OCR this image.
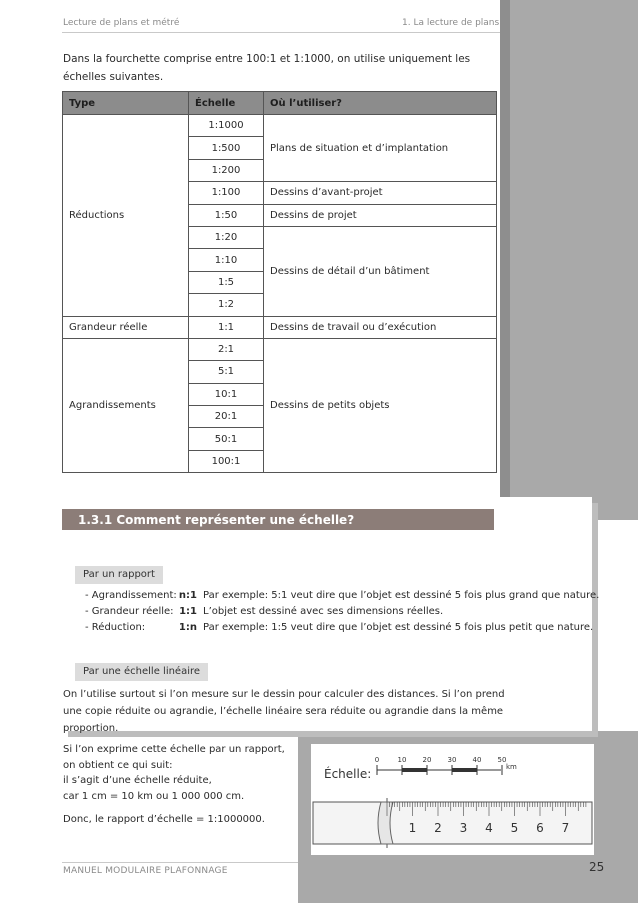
Lecture de plans et métré	1. La lecture de plans
Dans la fourchette comprise entre 100:1 et 1:1000, on utilise uniquement les échelles suivantes.
Type	Échelle	Où l’utiliser?
Réductions	1:1000	Plans de situation et d’implantation
	1:500	
	1:200	
	1:100	Dessins d’avant-projet
	1:50	Dessins de projet
	1:20	Dessins de détail d’un bâtiment
	1:10	
	1:5	
	1:2	
Grandeur réelle	1:1	Dessins de travail ou d’exécution
Agrandissements	2:1	Dessins de petits objets
	5:1	
	10:1	
	20:1	
	50:1	
	100:1	
1.3.1 Comment représenter une échelle?
Par un rapport
- Agrandissement: n:1 Par exemple: 5:1 veut dire que l’objet est dessiné 5 fois plus grand que nature.
- Grandeur réelle: 1:1 L’objet est dessiné avec ses dimensions réelles.
- Réduction:	1:n Par exemple: 1:5 veut dire que l’objet est dessiné 5 fois plus petit que nature.
Par une échelle linéaire
On l’utilise surtout si l’on mesure sur le dessin pour calculer des distances. Si l’on prend une copie réduite ou agrandie, l’échelle linéaire sera réduite ou agrandie dans la même proportion.

Si l’on exprime cette échelle par un rapport,
on obtient ce qui suit:
il s’agit d’une échelle réduite,
car 1 cm = 10 km ou 1 000 000 cm.

Donc, le rapport d’échelle = 1:1000000.

Échelle:
0	10 20 30 40 50
km
1 2 3 4 5 6 7
MANUEL MODULAIRE PLAFONNAGE	25
